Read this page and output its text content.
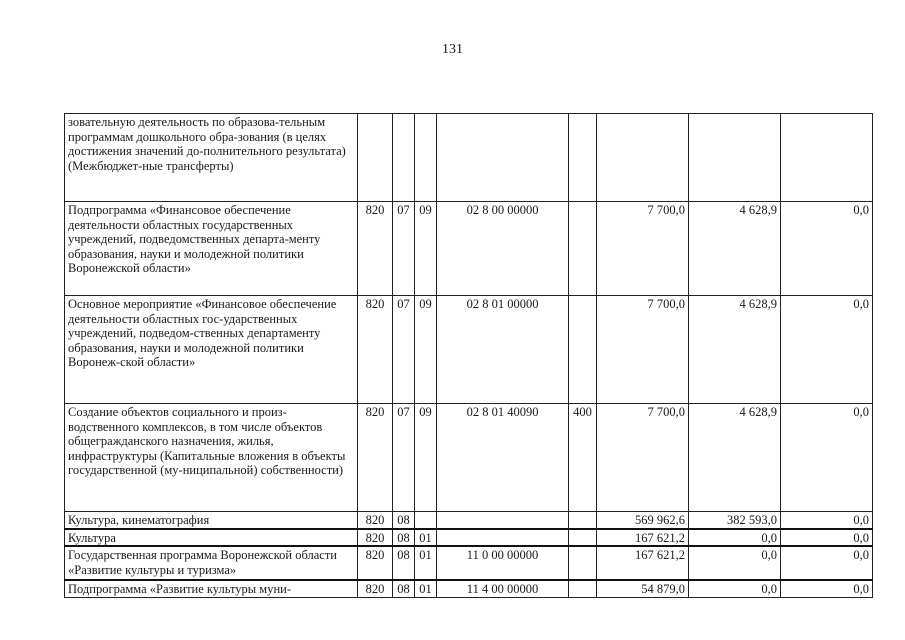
131
зовательную деятельность по образова-тельным программам дошкольного обра-зования (в целях достижения значений до-полнительного результата) (Межбюджет-ные трансферты)								
Подпрограмма «Финансовое обеспечение деятельности областных государственных учреждений, подведомственных департа-менту образования, науки и молодежной политики Воронежской области»	820	07	09	02 8 00 00000		7 700,0	4 628,9	0,0
Основное мероприятие «Финансовое обеспечение деятельности областных гос-ударственных учреждений, подведом-ственных департаменту образования, науки и молодежной политики Воронеж-ской области»	820	07	09	02 8 01 00000		7 700,0	4 628,9	0,0
Создание объектов социального и произ-водственного комплексов, в том числе объектов общегражданского назначения, жилья, инфраструктуры (Капитальные вложения в объекты государственной (му-ниципальной) собственности)	820	07	09	02 8 01 40090	400	7 700,0	4 628,9	0,0
Культура, кинематография	820	08				569 962,6	382 593,0	0,0
Культура	820	08	01			167 621,2	0,0	0,0
Государственная программа Воронежской области «Развитие культуры и туризма»	820	08	01	11 0 00 00000		167 621,2	0,0	0,0
Подпрограмма «Развитие культуры муни-	820	08	01	11 4 00 00000		54 879,0	0,0	0,0
